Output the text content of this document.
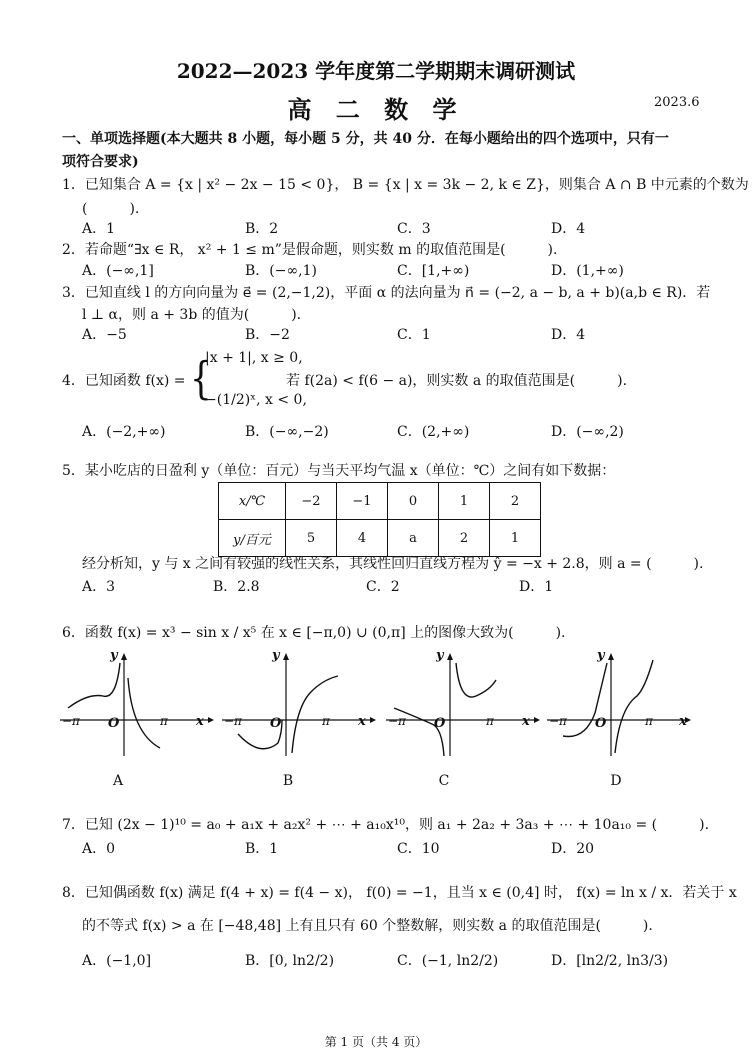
2022—2023 学年度第二学期期末调研测试
高 二 数 学	2023.6
一、单项选择题(本大题共 8 小题，每小题 5 分，共 40 分．在每小题给出的四个选项中，只有一
项符合要求)
1．已知集合 A = {x | x² − 2x − 15 < 0}， B = {x | x = 3k − 2, k ∈ Z}，则集合 A ∩ B 中元素的个数为
(　　　).
A．1	B．2	C．3	D．4
2．若命题“∃x ∈ R， x² + 1 ≤ m”是假命题，则实数 m 的取值范围是(　　　).
A．(−∞,1]	B．(−∞,1)	C．[1,+∞)	D．(1,+∞)
3．已知直线 l 的方向向量为 e⃗ = (2,−1,2)，平面 α 的法向量为 n⃗ = (−2, a − b, a + b)(a,b ∈ R)．若
l ⊥ α，则 a + 3b 的值为(　　　).
A．−5	B．−2	C．1	D．4
4．已知函数 f(x) = {
|x + 1|, x ≥ 0,
−(1/2)ˣ, x < 0,
若 f(2a) < f(6 − a)，则实数 a 的取值范围是(　　　).
A．(−2,+∞)	B．(−∞,−2)	C．(2,+∞)	D．(−∞,2)
5．某小吃店的日盈利 y（单位：百元）与当天平均气温 x（单位：℃）之间有如下数据：
x/℃	−2	−1	0	1	2
y/百元	5	4	a	2	1
经分析知，y 与 x 之间有较强的线性关系，其线性回归直线方程为 ŷ = −x + 2.8，则 a = (　　　).
A．3	B．2.8	C．2	D．1
6．函数 f(x) = x³ − sin x / x⁵ 在 x ∈ [−π,0) ∪ (0,π] 上的图像大致为(　　　).
y
x
O
−π	π
A
y
x
O
−π	π
B
y
x
O
−π	π
C
y
x
O
−π	π
D
7．已知 (2x − 1)¹⁰ = a₀ + a₁x + a₂x² + ⋯ + a₁₀x¹⁰，则 a₁ + 2a₂ + 3a₃ + ⋯ + 10a₁₀ = (　　　).
A．0	B．1	C．10	D．20
8．已知偶函数 f(x) 满足 f(4 + x) = f(4 − x)， f(0) = −1，且当 x ∈ (0,4] 时， f(x) = ln x / x．若关于 x
的不等式 f(x) > a 在 [−48,48] 上有且只有 60 个整数解，则实数 a 的取值范围是(　　　).
A．(−1,0]	B．[0, ln2/2)	C．(−1, ln2/2)	D．[ln2/2, ln3/3)
第 1 页（共 4 页）
